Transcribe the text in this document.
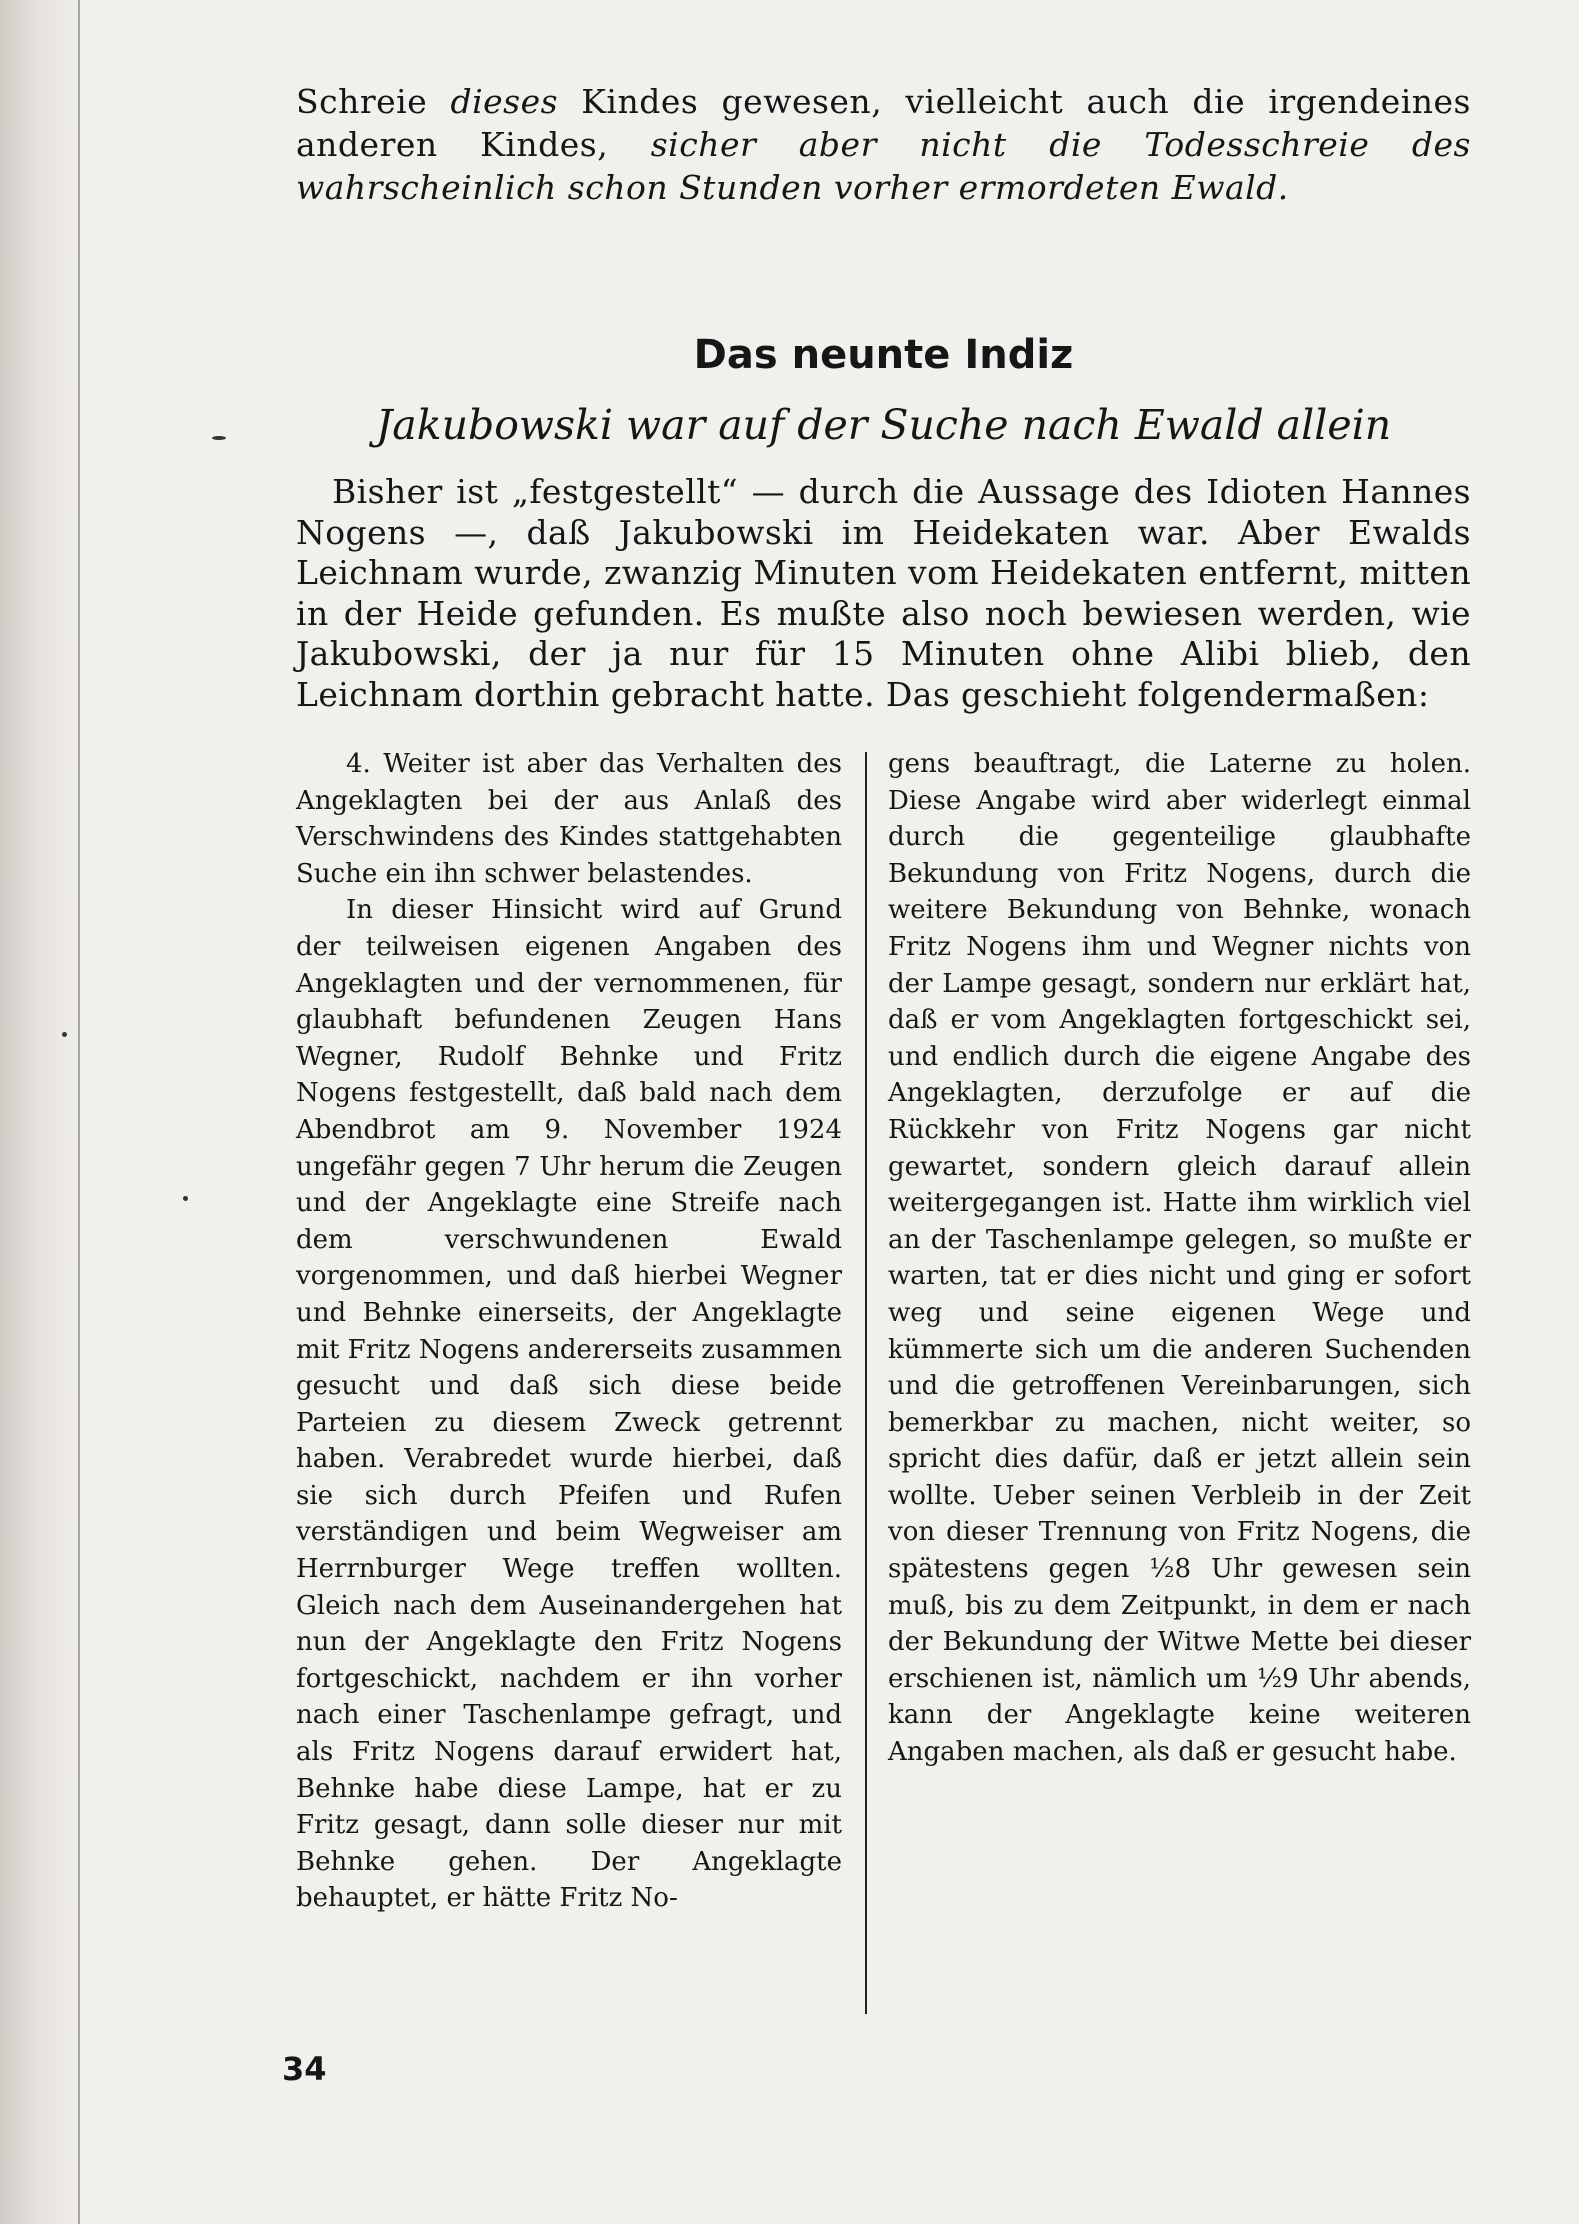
Schreie dieses Kindes gewesen, vielleicht auch die irgendeines anderen Kindes, sicher aber nicht die Todesschreie des wahrscheinlich schon Stunden vorher ermordeten Ewald.
Das neunte Indiz
Jakubowski war auf der Suche nach Ewald allein

Bisher ist „festgestellt“ — durch die Aussage des Idioten Hannes Nogens —, daß Jakubowski im Heidekaten war. Aber Ewalds Leichnam wurde, zwanzig Minuten vom Heidekaten entfernt, mitten in der Heide gefunden. Es mußte also noch bewiesen werden, wie Jakubowski, der ja nur für 15 Minuten ohne Alibi blieb, den Leichnam dorthin gebracht hatte. Das geschieht folgendermaßen:

4. Weiter ist aber das Verhalten des Angeklagten bei der aus Anlaß des Verschwindens des Kindes stattgehabten Suche ein ihn schwer belastendes.

In dieser Hinsicht wird auf Grund der teilweisen eigenen Angaben des Angeklagten und der vernommenen, für glaubhaft befundenen Zeugen Hans Wegner, Rudolf Behnke und Fritz Nogens festgestellt, daß bald nach dem Abendbrot am 9. November 1924 ungefähr gegen 7 Uhr herum die Zeugen und der Angeklagte eine Streife nach dem verschwundenen Ewald vorgenommen, und daß hierbei Wegner und Behnke einerseits, der Angeklagte mit Fritz Nogens andererseits zusammen gesucht und daß sich diese beide Parteien zu diesem Zweck getrennt haben. Verabredet wurde hierbei, daß sie sich durch Pfeifen und Rufen verständigen und beim Wegweiser am Herrnburger Wege treffen wollten. Gleich nach dem Auseinandergehen hat nun der Angeklagte den Fritz Nogens fortgeschickt, nachdem er ihn vorher nach einer Taschenlampe gefragt, und als Fritz Nogens darauf erwidert hat, Behnke habe diese Lampe, hat er zu Fritz gesagt, dann solle dieser nur mit Behnke gehen. Der Angeklagte behauptet, er hätte Fritz No-

gens beauftragt, die Laterne zu holen. Diese Angabe wird aber widerlegt einmal durch die gegenteilige glaubhafte Bekundung von Fritz Nogens, durch die weitere Bekundung von Behnke, wonach Fritz Nogens ihm und Wegner nichts von der Lampe gesagt, sondern nur erklärt hat, daß er vom Angeklagten fortgeschickt sei, und endlich durch die eigene Angabe des Angeklagten, derzufolge er auf die Rückkehr von Fritz Nogens gar nicht gewartet, sondern gleich darauf allein weitergegangen ist. Hatte ihm wirklich viel an der Taschenlampe gelegen, so mußte er warten, tat er dies nicht und ging er sofort weg und seine eigenen Wege und kümmerte sich um die anderen Suchenden und die getroffenen Vereinbarungen, sich bemerkbar zu machen, nicht weiter, so spricht dies dafür, daß er jetzt allein sein wollte. Ueber seinen Verbleib in der Zeit von dieser Trennung von Fritz Nogens, die spätestens gegen ½8 Uhr gewesen sein muß, bis zu dem Zeitpunkt, in dem er nach der Bekundung der Witwe Mette bei dieser erschienen ist, nämlich um ½9 Uhr abends, kann der Angeklagte keine weiteren Angaben machen, als daß er gesucht habe.

34
